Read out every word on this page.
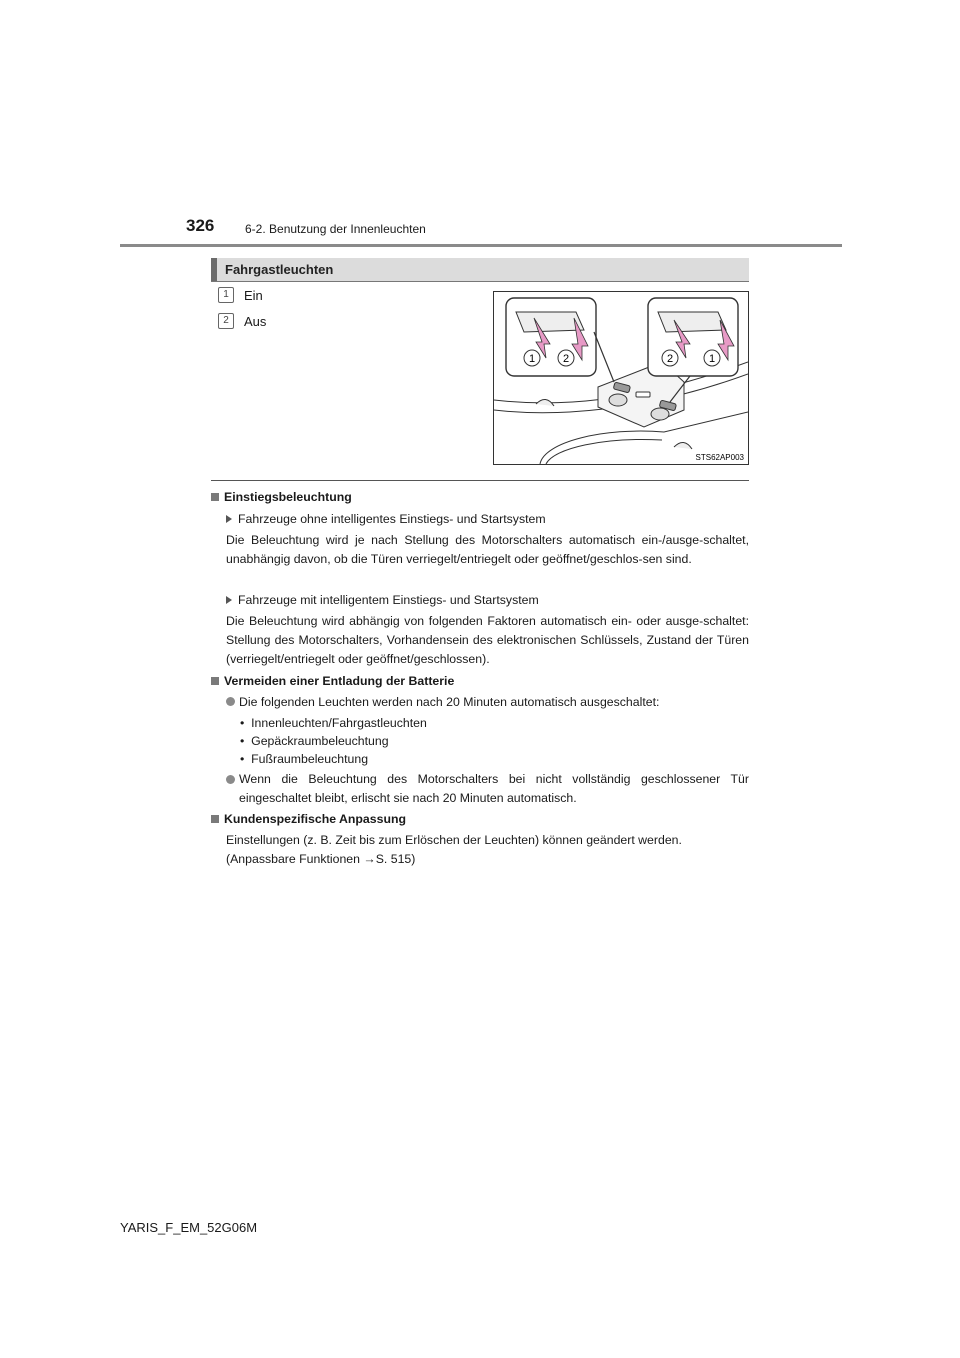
326	6-2. Benutzung der Innenleuchten
Fahrgastleuchten
1	Ein
2	Aus
1	2	2	1
STS62AP003
Einstiegsbeleuchtung
Fahrzeuge ohne intelligentes Einstiegs- und Startsystem
Die Beleuchtung wird je nach Stellung des Motorschalters automatisch ein-/ausge-schaltet, unabhängig davon, ob die Türen verriegelt/entriegelt oder geöffnet/geschlos-sen sind.
Fahrzeuge mit intelligentem Einstiegs- und Startsystem
Die Beleuchtung wird abhängig von folgenden Faktoren automatisch ein- oder ausge-schaltet: Stellung des Motorschalters, Vorhandensein des elektronischen Schlüssels, Zustand der Türen (verriegelt/entriegelt oder geöffnet/geschlossen).
Vermeiden einer Entladung der Batterie
Die folgenden Leuchten werden nach 20 Minuten automatisch ausgeschaltet:
•  Innenleuchten/Fahrgastleuchten
•  Gepäckraumbeleuchtung
•  Fußraumbeleuchtung
Wenn die Beleuchtung des Motorschalters bei nicht vollständig geschlossener Tür eingeschaltet bleibt, erlischt sie nach 20 Minuten automatisch.
Kundenspezifische Anpassung
Einstellungen (z. B. Zeit bis zum Erlöschen der Leuchten) können geändert werden.
(Anpassbare Funktionen →S. 515)
YARIS_F_EM_52G06M
